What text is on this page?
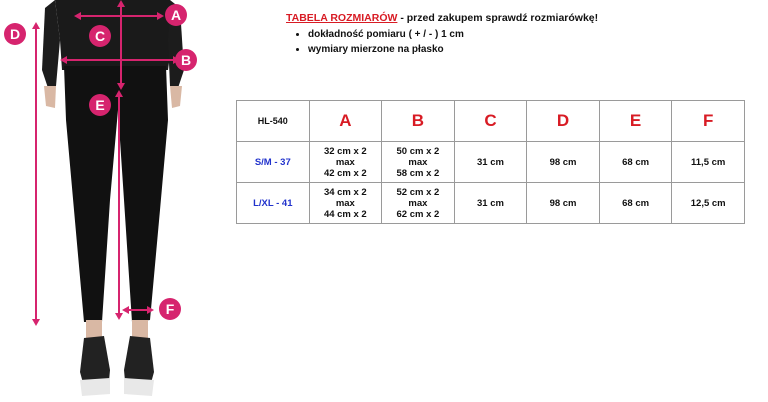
A
B
C
D
E
F
TABELA ROZMIARÓW - przed zakupem sprawdź rozmiarówkę!
• dokładność pomiaru ( + / - ) 1 cm
• wymiary mierzone na płasko
HL-540	A	B	C	D	E	F
S/M - 37	32 cm x 2
max
42 cm x 2	50 cm x 2
max
58 cm x 2	31 cm	98 cm	68 cm	11,5 cm
L/XL - 41	34 cm x 2
max
44 cm x 2	52 cm x 2
max
62 cm x 2	31 cm	98 cm	68 cm	12,5 cm
